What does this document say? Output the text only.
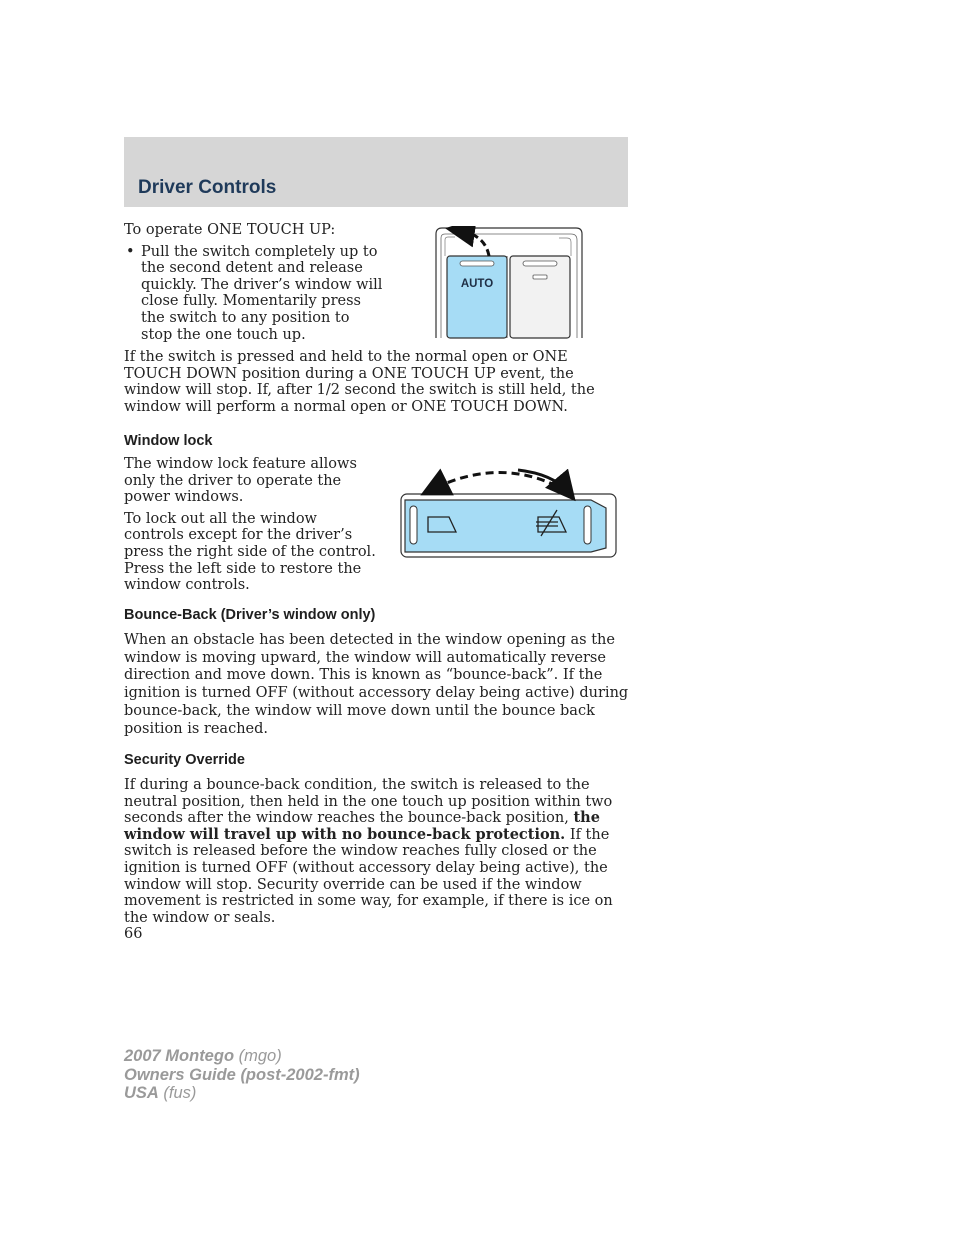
Driver Controls

To operate ONE TOUCH UP:

• Pull the switch completely up to the second detent and release quickly. The driver’s window will close fully. Momentarily press the switch to any position to stop the one touch up.

If the switch is pressed and held to the normal open or ONE TOUCH DOWN position during a ONE TOUCH UP event, the window will stop. If, after 1/2 second the switch is still held, the window will perform a normal open or ONE TOUCH DOWN.

AUTO
Window lock

The window lock feature allows only the driver to operate the power windows.

To lock out all the window controls except for the driver’s press the right side of the control. Press the left side to restore the window controls.

Bounce-Back (Driver’s window only)

When an obstacle has been detected in the window opening as the window is moving upward, the window will automatically reverse direction and move down. This is known as “bounce-back”. If the ignition is turned OFF (without accessory delay being active) during bounce-back, the window will move down until the bounce back position is reached.

Security Override

If during a bounce-back condition, the switch is released to the neutral position, then held in the one touch up position within two seconds after the window reaches the bounce-back position, the window will travel up with no bounce-back protection. If the switch is released before the window reaches fully closed or the ignition is turned OFF (without accessory delay being active), the window will stop. Security override can be used if the window movement is restricted in some way, for example, if there is ice on the window or seals.

66
2007 Montego (mgo)
Owners Guide (post-2002-fmt)
USA (fus)
